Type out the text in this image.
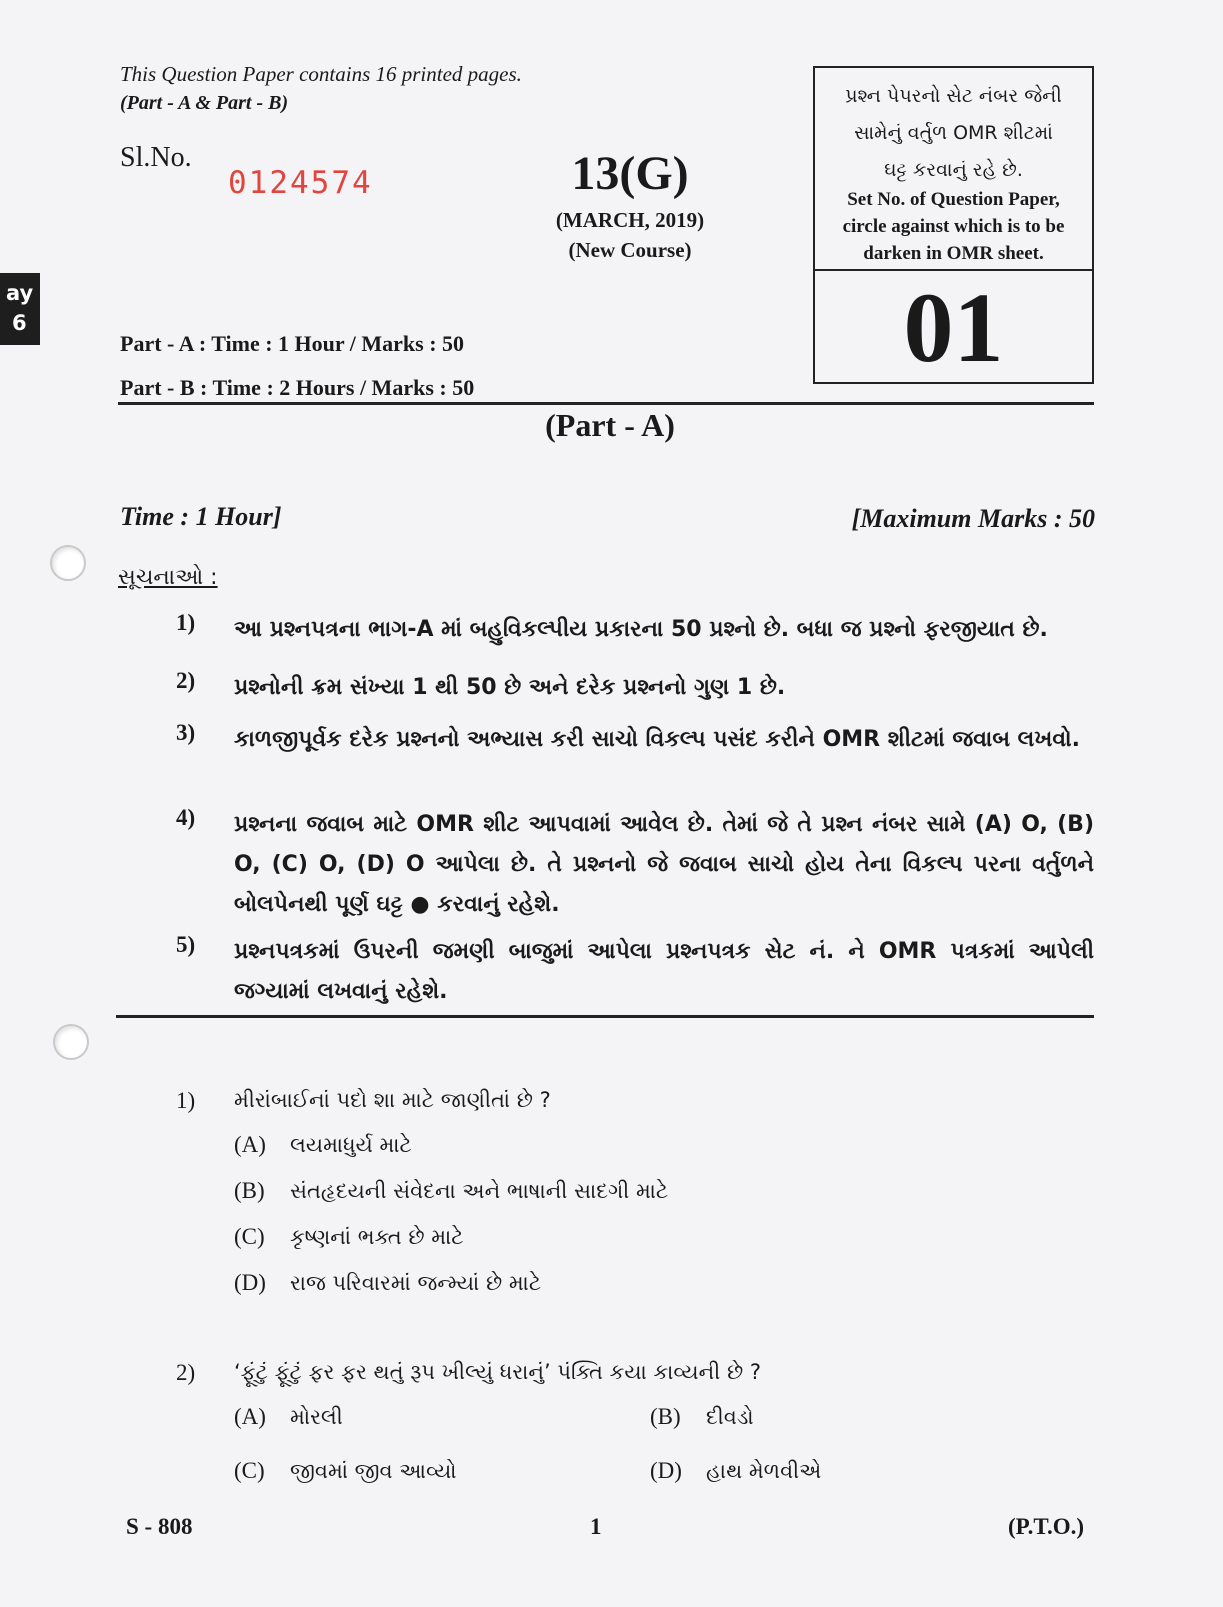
This Question Paper contains 16 printed pages.
(Part - A & Part - B)
Sl.No.
0124574	13(G)
(MARCH, 2019)
(New Course)
પ્રશ્ન પેપરનો સેટ નંબર જેની
સામેનું વર્તુળ OMR શીટમાં
ઘટ્ટ કરવાનું રહે છે.
Set No. of Question Paper,
circle against which is to be
darken in OMR sheet.
01
ay
6
Part - A : Time : 1 Hour / Marks : 50
Part - B : Time : 2 Hours / Marks : 50
(Part - A)
Time : 1 Hour]	[Maximum Marks : 50
સૂચનાઓ :
1) આ પ્રશ્નપત્રના ભાગ-A માં બહુવિકલ્પીય પ્રકારના 50 પ્રશ્નો છે. બધા જ પ્રશ્નો ફરજીયાત છે.
2) પ્રશ્નોની ક્રમ સંખ્યા 1 થી 50 છે અને દરેક પ્રશ્નનો ગુણ 1 છે.
3) કાળજીપૂર્વક દરેક પ્રશ્નનો અભ્યાસ કરી સાચો વિકલ્પ પસંદ કરીને OMR શીટમાં જવાબ લખવો.
4) પ્રશ્નના જવાબ માટે OMR શીટ આપવામાં આવેલ છે. તેમાં જે તે પ્રશ્ન નંબર સામે (A) O, (B) O, (C) O, (D) O આપેલા છે. તે પ્રશ્નનો જે જવાબ સાચો હોય તેના વિકલ્પ પરના વર્તુળને બોલપેનથી પૂર્ણ ઘટ્ટ ● કરવાનું રહેશે.
5) પ્રશ્નપત્રકમાં ઉપરની જમણી બાજુમાં આપેલા પ્રશ્નપત્રક સેટ નં. ને OMR પત્રકમાં આપેલી જગ્યામાં લખવાનું રહેશે.
1) મીરાંબાઈનાં પદો શા માટે જાણીતાં છે ?
(A) લયમાધુર્ય માટે
(B) સંતહૃદયની સંવેદના અને ભાષાની સાદગી માટે
(C) કૃષ્ણનાં ભક્ત છે માટે
(D) રાજ પરિવારમાં જન્મ્યાં છે માટે
2) ‘ફૂંટું ફૂંટું ફર ફર થતું રૂપ ખીલ્યું ધરાનું’ પંક્તિ કયા કાવ્યની છે ?
(A) મોરલી	(B) દીવડો
(C) જીવમાં જીવ આવ્યો	(D) હાથ મેળવીએ
S - 808	1	(P.T.O.)
